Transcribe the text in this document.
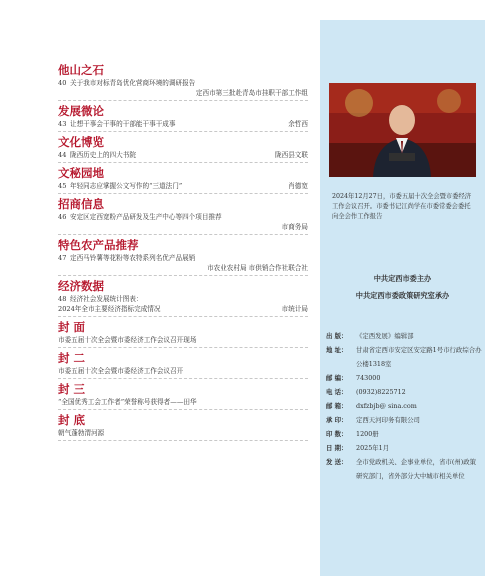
他山之石
40 关于我市对标青岛优化营商环境的调研报告
定西市第三批赴青岛市挂职干部工作组
发展微论
43 让想干事会干事的干部能干事干成事	余哲西
文化博览
44 陇西历史上的四大书院	陇西县文联
文秘园地
45 年轻同志应掌握公文写作的“三道法门”	肖德宽
招商信息
46 安定区定西宽粉产品研发及生产中心等四个项目推荐
市商务局
特色农产品推荐
47 定西马铃薯等花粉等农特系列名优产品展销
市农业农村局 市供销合作社联合社
经济数据
48 经济社会发展统计图表：
2024年全市主要经济指标完成情况	市统计局
封 面
市委五届十次全会暨市委经济工作会议召开现场
封 二
市委五届十次全会暨市委经济工作会议召开
封 三
“全国优秀工会工作者”荣誉称号获得者——田华
封 底
朝气蓬勃渭河源
2024年12月27日，市委五届十次全会暨市委经济工作会议召开。市委书记江尚学在市委常委会委托向全会作工作报告
中共定西市委主办
中共定西市委政策研究室承办
出 版：	《定西发展》编辑部
地 址：	甘肃省定西市安定区安定路1号市行政综合办公楼1318室
邮 编：	743000
电 话：	(0932)8225712
邮 箱：	dxfzbjb@ sina.com
承 印：	定西天河印务有限公司
印 数：	1200册
日 期：	2025年1月
发 送：	全市党政机关、企事业单位，省市(州)政策研究部门，省外部分大中城市相关单位
